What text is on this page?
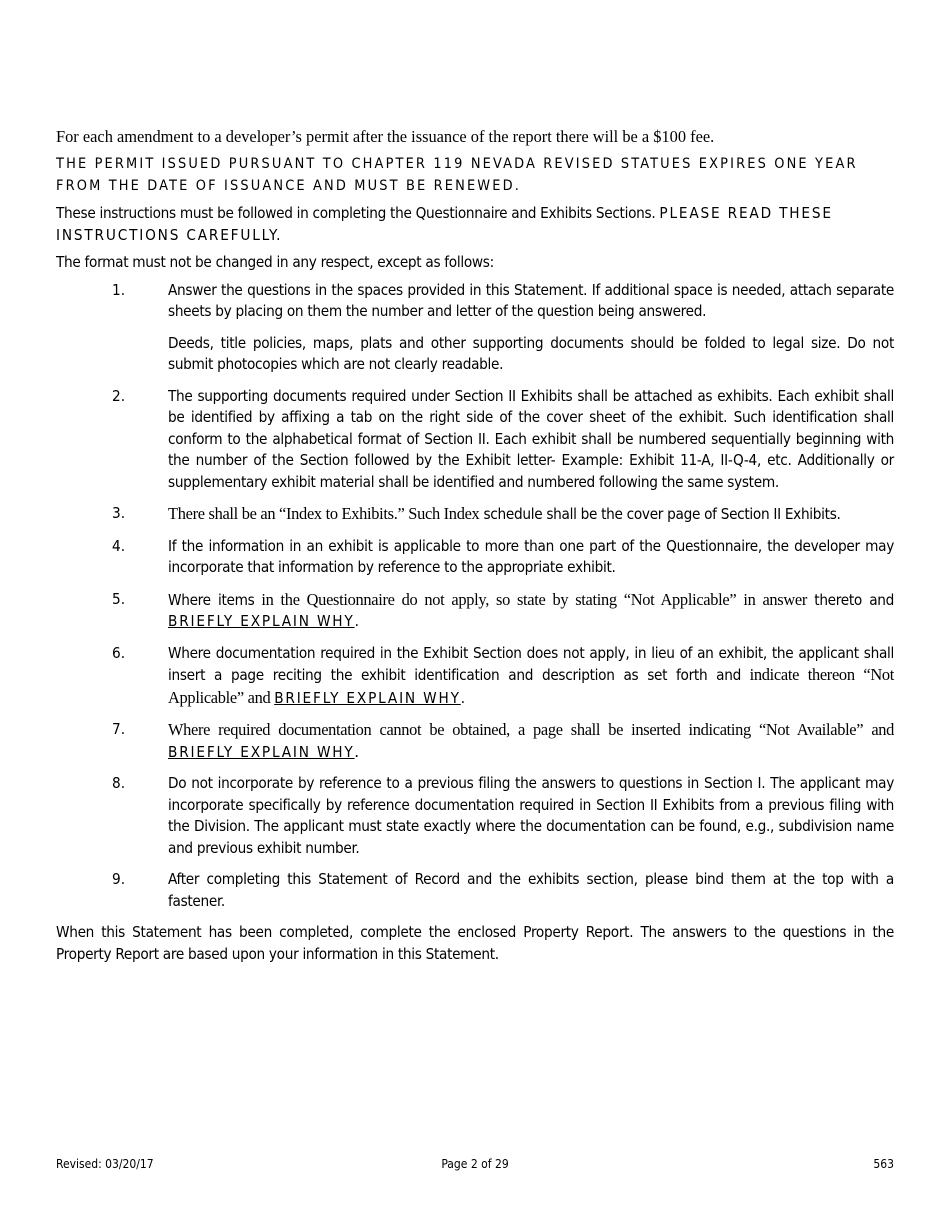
For each amendment to a developer’s permit after the issuance of the report there will be a $100 fee.

THE PERMIT ISSUED PURSUANT TO CHAPTER 119 NEVADA REVISED STATUES EXPIRES ONE YEAR FROM THE DATE OF ISSUANCE AND MUST BE RENEWED.

These instructions must be followed in completing the Questionnaire and Exhibits Sections. PLEASE READ THESE INSTRUCTIONS CAREFULLY.

The format must not be changed in any respect, except as follows:

1.	Answer the questions in the spaces provided in this Statement. If additional space is needed, attach separate sheets by placing on them the number and letter of the question being answered.
Deeds, title policies, maps, plats and other supporting documents should be folded to legal size. Do not submit photocopies which are not clearly readable.
2.	The supporting documents required under Section II Exhibits shall be attached as exhibits. Each exhibit shall be identified by affixing a tab on the right side of the cover sheet of the exhibit. Such identification shall conform to the alphabetical format of Section II. Each exhibit shall be numbered sequentially beginning with the number of the Section followed by the Exhibit letter- Example: Exhibit 11-A, II-Q-4, etc. Additionally or supplementary exhibit material shall be identified and numbered following the same system.
3.	There shall be an “Index to Exhibits.” Such Index schedule shall be the cover page of Section II Exhibits.
4.	If the information in an exhibit is applicable to more than one part of the Questionnaire, the developer may incorporate that information by reference to the appropriate exhibit.
5.	Where items in the Questionnaire do not apply, so state by stating “Not Applicable” in answer thereto and BRIEFLY EXPLAIN WHY.
6.	Where documentation required in the Exhibit Section does not apply, in lieu of an exhibit, the applicant shall insert a page reciting the exhibit identification and description as set forth and indicate thereon “Not Applicable” and BRIEFLY EXPLAIN WHY.
7.	Where required documentation cannot be obtained, a page shall be inserted indicating “Not Available” and BRIEFLY EXPLAIN WHY.
8.	Do not incorporate by reference to a previous filing the answers to questions in Section I. The applicant may incorporate specifically by reference documentation required in Section II Exhibits from a previous filing with the Division. The applicant must state exactly where the documentation can be found, e.g., subdivision name and previous exhibit number.
9.	After completing this Statement of Record and the exhibits section, please bind them at the top with a fastener.

When this Statement has been completed, complete the enclosed Property Report. The answers to the questions in the Property Report are based upon your information in this Statement.

Revised: 03/20/17	Page 2 of 29	563
